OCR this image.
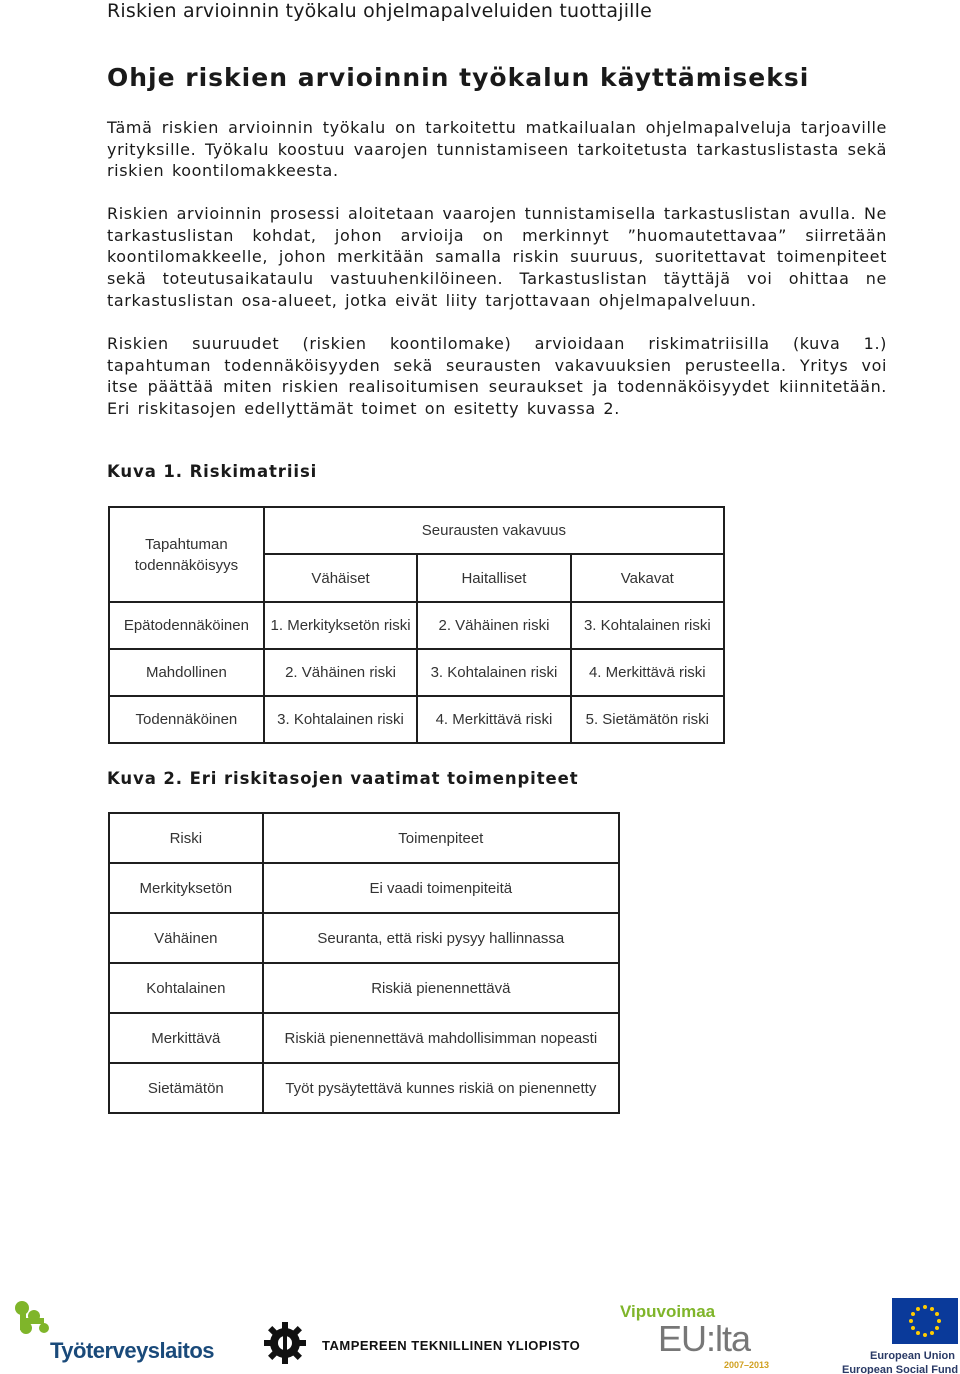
Riskien arvioinnin työkalu ohjelmapalveluiden tuottajille
Ohje riskien arvioinnin työkalun käyttämiseksi

Tämä riskien arvioinnin työkalu on tarkoitettu matkailualan ohjelmapalveluja tarjoaville yrityksille. Työkalu koostuu vaarojen tunnistamiseen tarkoitetusta tarkastuslistasta sekä riskien koontilomakkeesta.

Riskien arvioinnin prosessi aloitetaan vaarojen tunnistamisella tarkastuslistan avulla. Ne tarkastuslistan kohdat, johon arvioija on merkinnyt ”huomautettavaa” siirretään koontilomakkeelle, johon merkitään samalla riskin suuruus, suoritettavat toimenpiteet sekä toteutusaikataulu vastuuhenkilöineen. Tarkastuslistan täyttäjä voi ohittaa ne tarkastuslistan osa-alueet, jotka eivät liity tarjottavaan ohjelmapalveluun.

Riskien suuruudet (riskien koontilomake) arvioidaan riskimatriisilla (kuva 1.) tapahtuman todennäköisyyden sekä seurausten vakavuuksien perusteella. Yritys voi itse päättää miten riskien realisoitumisen seuraukset ja todennäköisyydet kiinnitetään. Eri riskitasojen edellyttämät toimet on esitetty kuvassa 2.

Kuva 1. Riskimatriisi
Tapahtuman todennäköisyys	Seurausten vakavuus		
	Vähäiset	Haitalliset	Vakavat
Epätodennäköinen	1. Merkityksetön riski	2. Vähäinen riski	3. Kohtalainen riski
Mahdollinen	2. Vähäinen riski	3. Kohtalainen riski	4. Merkittävä riski
Todennäköinen	3. Kohtalainen riski	4. Merkittävä riski	5. Sietämätön riski
Kuva 2. Eri riskitasojen vaatimat toimenpiteet
Riski	Toimenpiteet
Merkityksetön	Ei vaadi toimenpiteitä
Vähäinen	Seuranta, että riski pysyy hallinnassa
Kohtalainen	Riskiä pienennettävä
Merkittävä	Riskiä pienennettävä mahdollisimman nopeasti
Sietämätön	Työt pysäytettävä kunnes riskiä on pienennetty
Työterveyslaitos	TAMPEREEN TEKNILLINEN YLIOPISTO
Vipuvoimaa
EU:lta
2007–2013
European Union
European Social Fund
